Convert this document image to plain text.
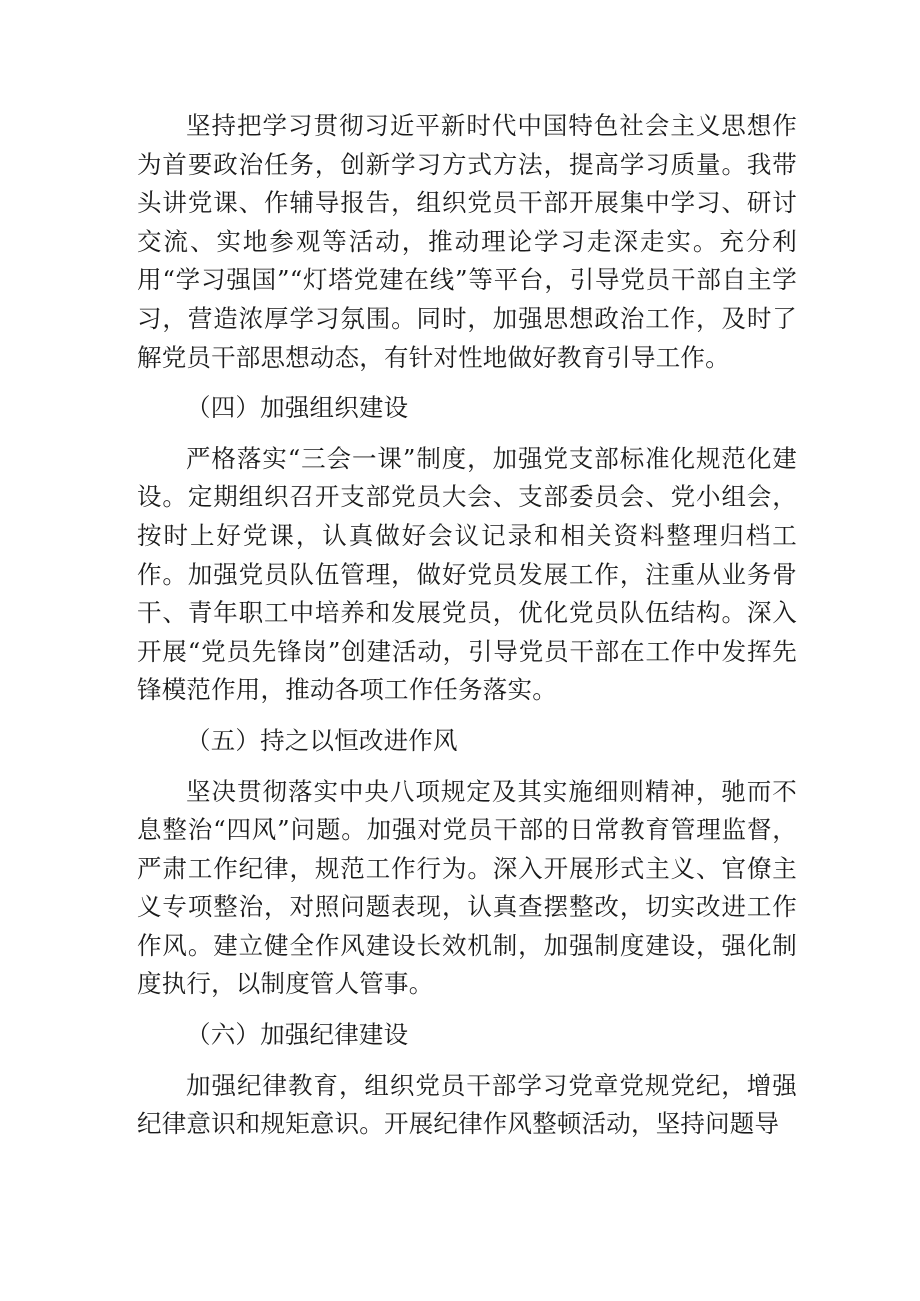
坚持把学习贯彻习近平新时代中国特色社会主义思想作为首要政治任务，创新学习方式方法，提高学习质量。我带头讲党课、作辅导报告，组织党员干部开展集中学习、研讨交流、实地参观等活动，推动理论学习走深走实。充分利用“学习强国”“灯塔党建在线”等平台，引导党员干部自主学习，营造浓厚学习氛围。同时，加强思想政治工作，及时了解党员干部思想动态，有针对性地做好教育引导工作。

（四）加强组织建设

严格落实“三会一课”制度，加强党支部标准化规范化建设。定期组织召开支部党员大会、支部委员会、党小组会，按时上好党课，认真做好会议记录和相关资料整理归档工作。加强党员队伍管理，做好党员发展工作，注重从业务骨干、青年职工中培养和发展党员，优化党员队伍结构。深入开展“党员先锋岗”创建活动，引导党员干部在工作中发挥先锋模范作用，推动各项工作任务落实。

（五）持之以恒改进作风

坚决贯彻落实中央八项规定及其实施细则精神，驰而不息整治“四风”问题。加强对党员干部的日常教育管理监督，严肃工作纪律，规范工作行为。深入开展形式主义、官僚主义专项整治，对照问题表现，认真查摆整改，切实改进工作作风。建立健全作风建设长效机制，加强制度建设，强化制度执行，以制度管人管事。

（六）加强纪律建设

加强纪律教育，组织党员干部学习党章党规党纪，增强纪律意识和规矩意识。开展纪律作风整顿活动，坚持问题导
